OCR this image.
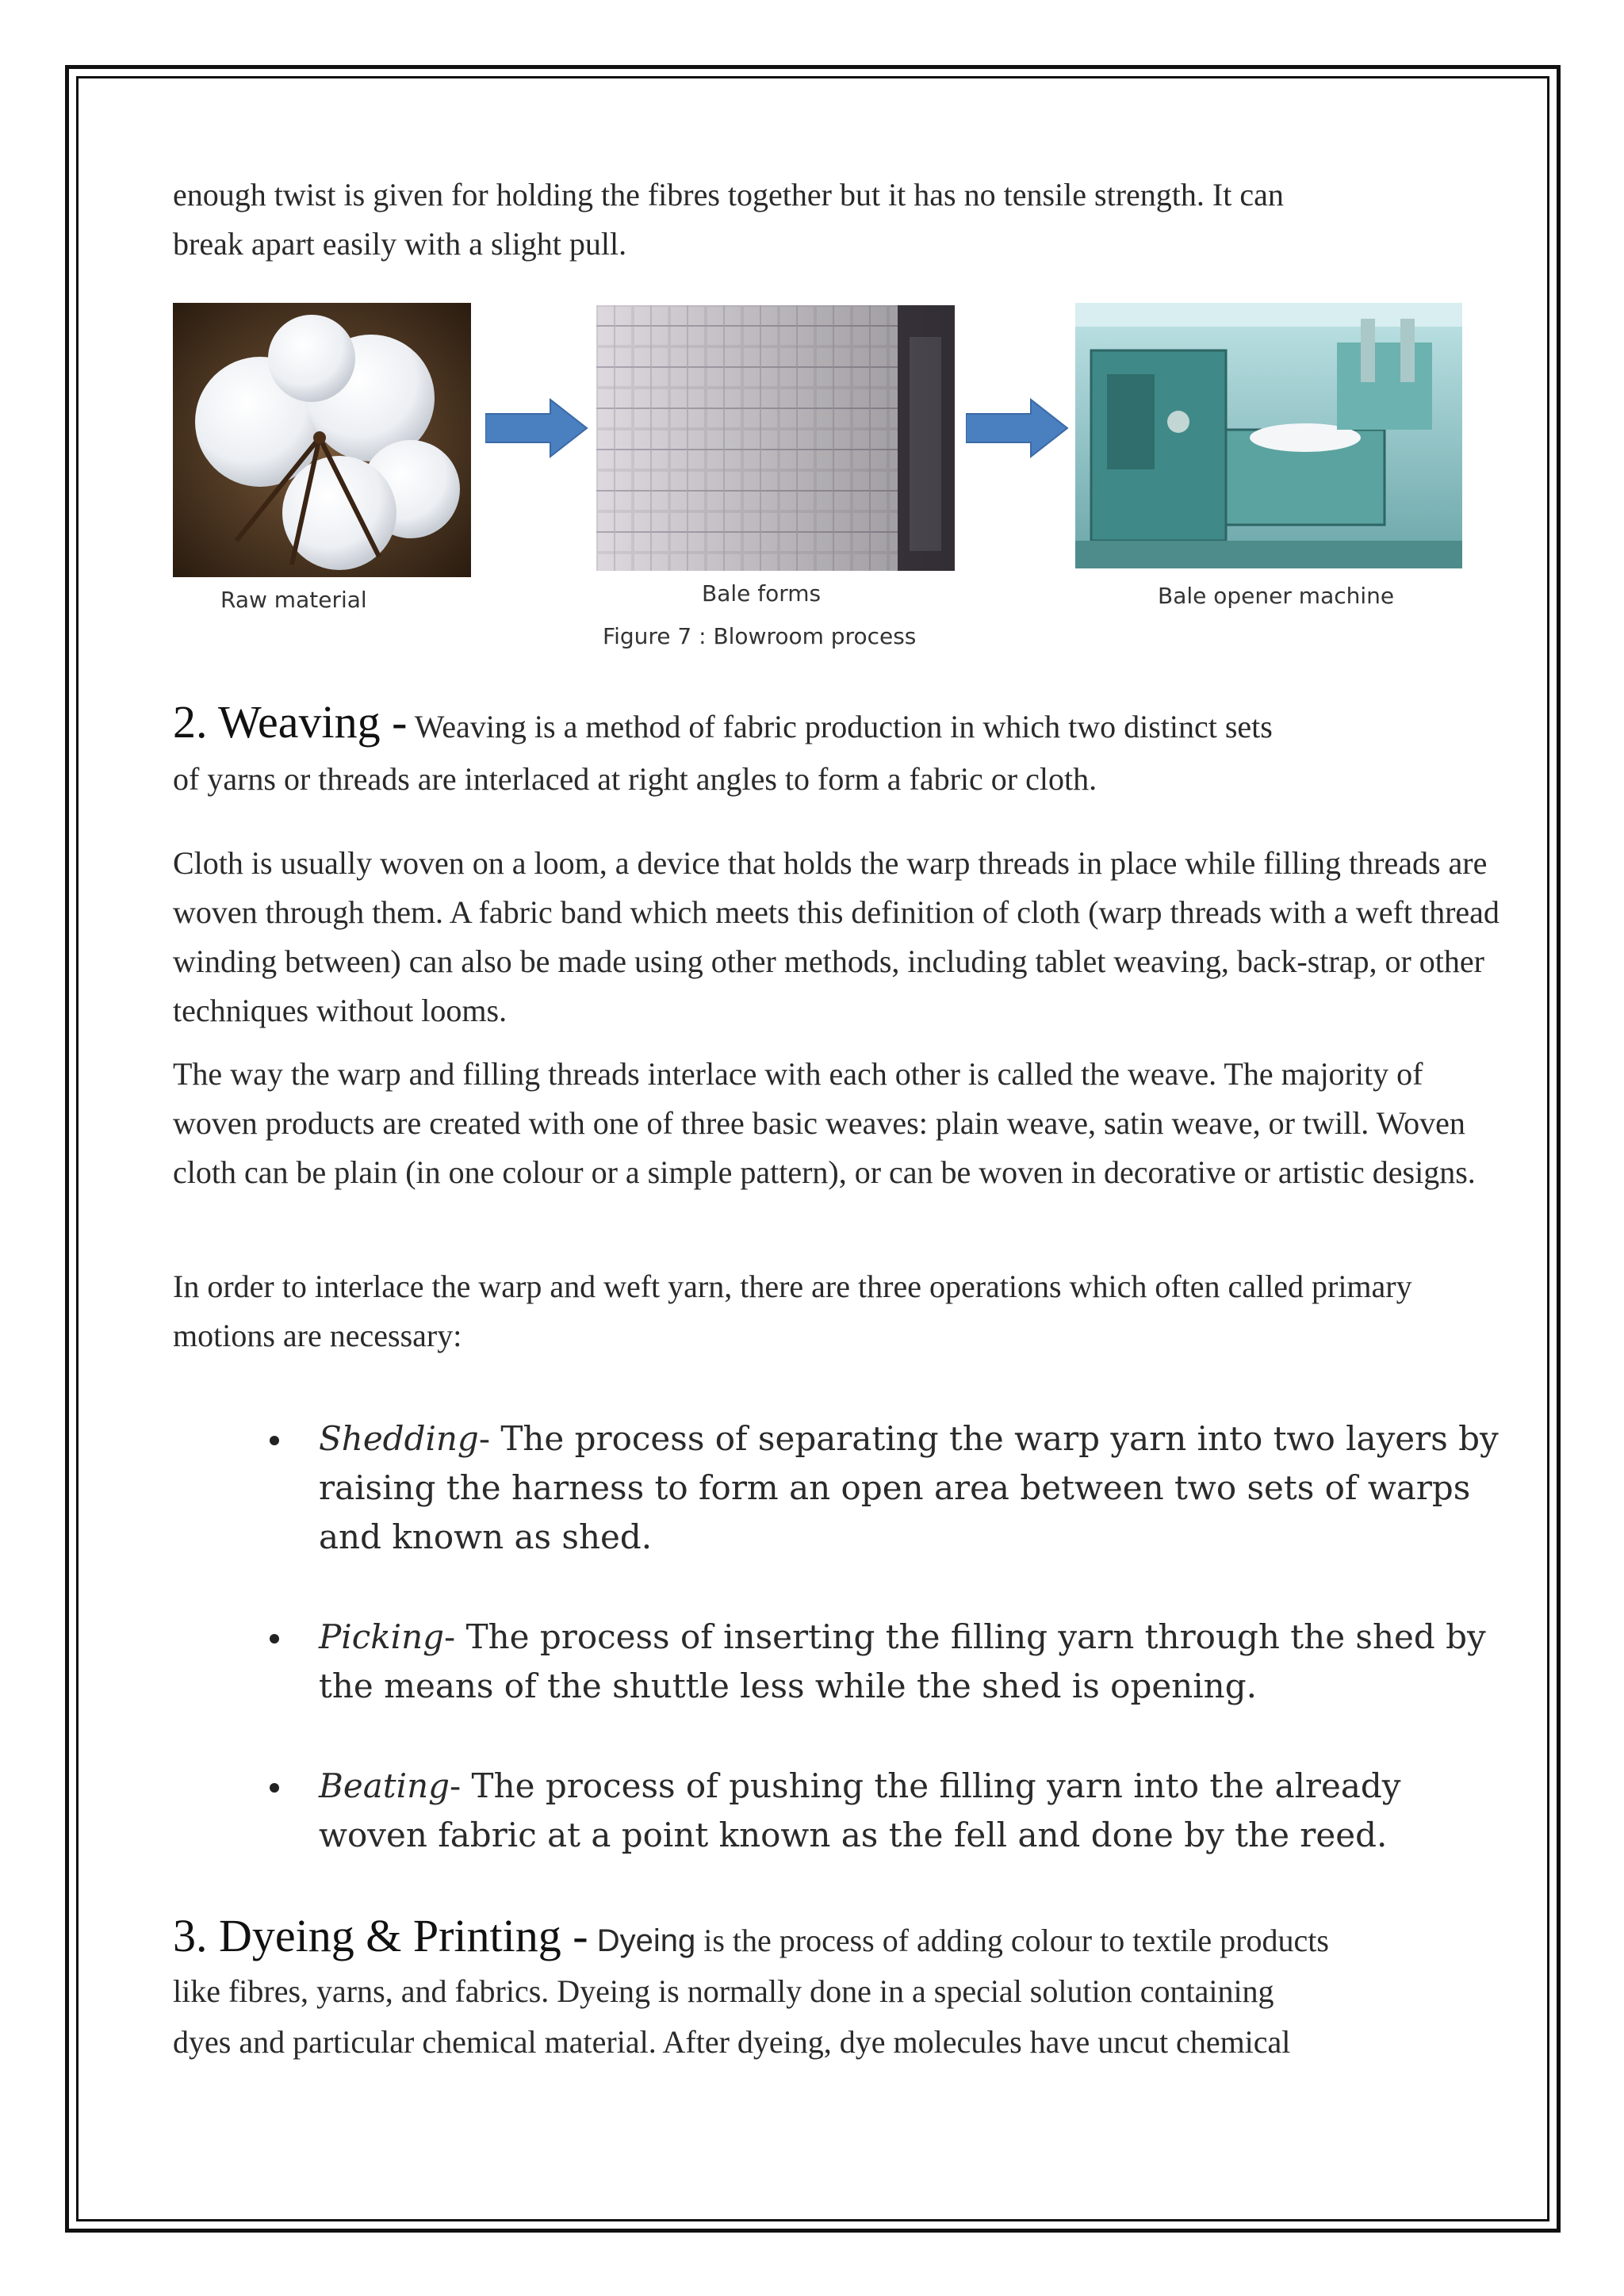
enough twist is given for holding the fibres together but it has no tensile strength. It can
break apart easily with a slight pull.

Raw material	Bale forms	Bale opener machine
Figure 7 : Blowroom process

2. Weaving - Weaving is a method of fabric production in which two distinct sets
of yarns or threads are interlaced at right angles to form a fabric or cloth.

Cloth is usually woven on a loom, a device that holds the warp threads in place while filling threads are woven through them. A fabric band which meets this definition of cloth (warp threads with a weft thread winding between) can also be made using other methods, including tablet weaving, back-strap, or other techniques without looms.

The way the warp and filling threads interlace with each other is called the weave. The majority of woven products are created with one of three basic weaves: plain weave, satin weave, or twill. Woven cloth can be plain (in one colour or a simple pattern), or can be woven in decorative or artistic designs.

In order to interlace the warp and weft yarn, there are three operations which often called primary motions are necessary:

Shedding- The process of separating the warp yarn into two layers by raising the harness to form an open area between two sets of warps and known as shed.
Picking- The process of inserting the filling yarn through the shed by the means of the shuttle less while the shed is opening.
Beating- The process of pushing the filling yarn into the already woven fabric at a point known as the fell and done by the reed.

3. Dyeing & Printing - Dyeing is the process of adding colour to textile products
like fibres, yarns, and fabrics. Dyeing is normally done in a special solution containing
dyes and particular chemical material. After dyeing, dye molecules have uncut chemical
